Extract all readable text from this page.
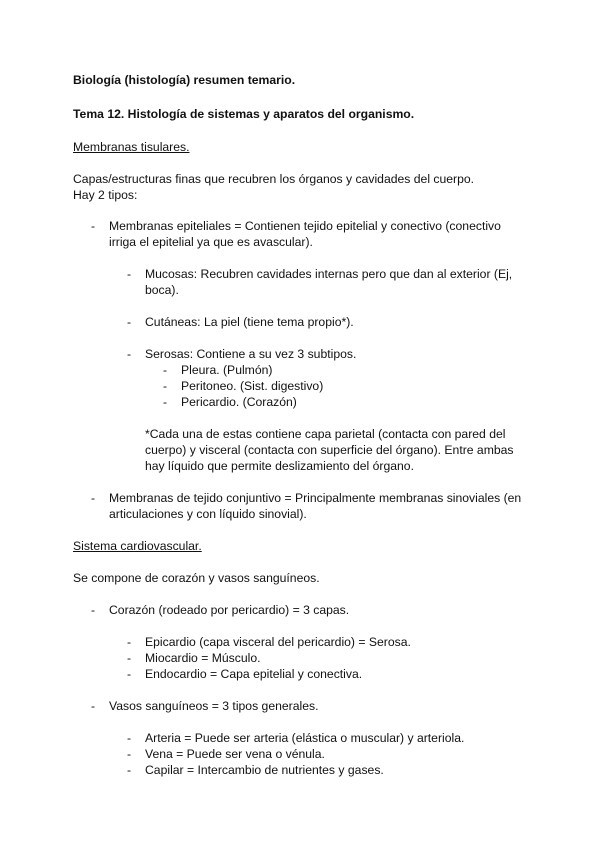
Biología (histología) resumen temario.
Tema 12. Histología de sistemas y aparatos del organismo.
Membranas tisulares.
Capas/estructuras finas que recubren los órganos y cavidades del cuerpo.
Hay 2 tipos:
- Membranas epiteliales = Contienen tejido epitelial y conectivo (conectivo
irriga el epitelial ya que es avascular).
- Mucosas: Recubren cavidades internas pero que dan al exterior (Ej,
boca).
- Cutáneas: La piel (tiene tema propio*).
- Serosas: Contiene a su vez 3 subtipos.
- Pleura. (Pulmón)
- Peritoneo. (Sist. digestivo)
- Pericardio. (Corazón)
*Cada una de estas contiene capa parietal (contacta con pared del
cuerpo) y visceral (contacta con superficie del órgano). Entre ambas
hay líquido que permite deslizamiento del órgano.
- Membranas de tejido conjuntivo = Principalmente membranas sinoviales (en
articulaciones y con líquido sinovial).
Sistema cardiovascular.
Se compone de corazón y vasos sanguíneos.
- Corazón (rodeado por pericardio) = 3 capas.
- Epicardio (capa visceral del pericardio) = Serosa.
- Miocardio = Músculo.
- Endocardio = Capa epitelial y conectiva.
- Vasos sanguíneos = 3 tipos generales.
- Arteria = Puede ser arteria (elástica o muscular) y arteriola.
- Vena = Puede ser vena o vénula.
- Capilar = Intercambio de nutrientes y gases.
